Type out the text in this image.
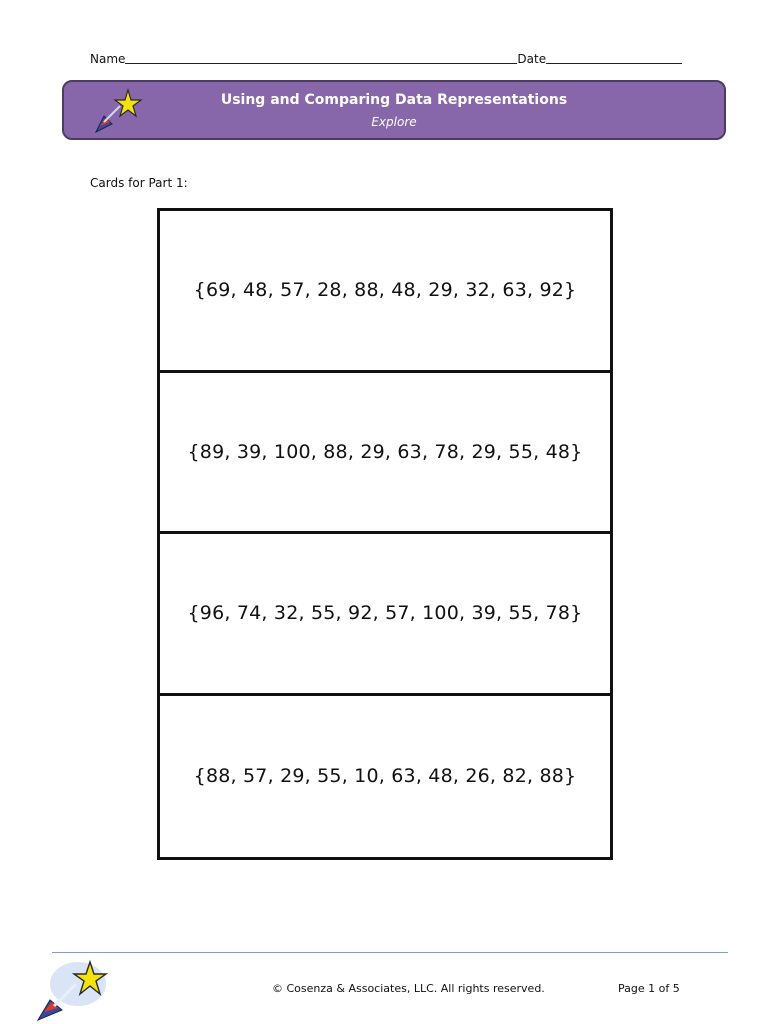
Name	Date
Using and Comparing Data Representations
Explore
Cards for Part 1:
{69, 48, 57, 28, 88, 48, 29, 32, 63, 92}
{89, 39, 100, 88, 29, 63, 78, 29, 55, 48}
{96, 74, 32, 55, 92, 57, 100, 39, 55, 78}
{88, 57, 29, 55, 10, 63, 48, 26, 82, 88}
© Cosenza & Associates, LLC. All rights reserved.	Page 1 of 5
